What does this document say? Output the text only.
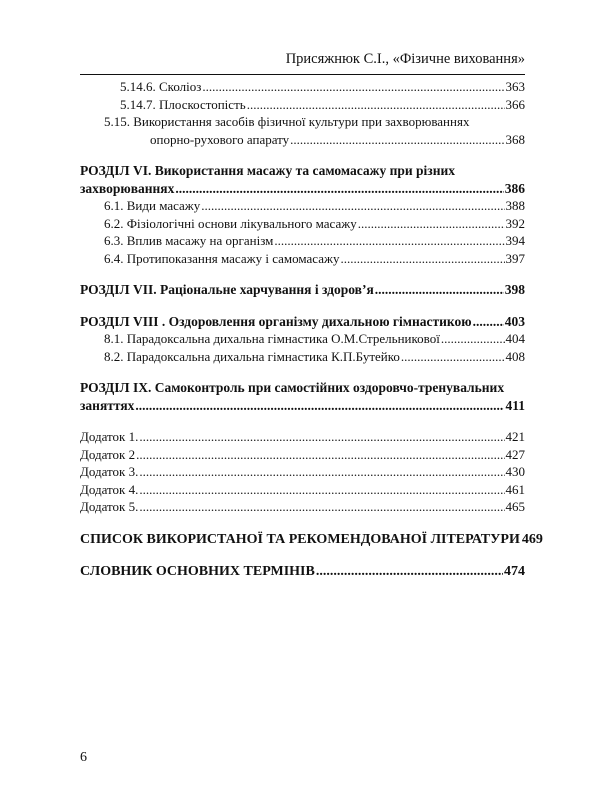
Присяжнюк С.І., «Фізичне виховання»
5.14.6. Сколіоз .....	363
5.14.7. Плоскостопість .....	366
5.15. Використання засобів фізичної культури при захворюваннях
опорно-рухового апарату .....	368
РОЗДІЛ VI. Використання масажу та самомасажу при різних
захворюваннях .....	386
6.1. Види масажу .....	388
6.2. Фізіологічні основи лікувального масажу .....	392
6.3. Вплив масажу на організм .....	394
6.4. Протипоказання масажу і самомасажу .....	397
РОЗДІЛ VII. Раціональне харчування і здоров’я .....	398
РОЗДІЛ VIII . Оздоровлення організму дихальною гімнастикою ..... 403
8.1. Парадоксальна дихальна гімнастика О.М.Стрельникової .....	404
8.2. Парадоксальна дихальна гімнастика К.П.Бутейко .....	408
РОЗДІЛ IX. Самоконтроль при самостійних оздоровчо-тренувальних
заняттях .....	411
Додаток 1. .....	421
Додаток 2 .....	427
Додаток 3. .....	430
Додаток 4. .....	461
Додаток 5. .....	465
СПИСОК ВИКОРИСТАНОЇ ТА РЕКОМЕНДОВАНОЇ ЛІТЕРАТУРИ 469
СЛОВНИК ОСНОВНИХ ТЕРМІНІВ .....	474
6
